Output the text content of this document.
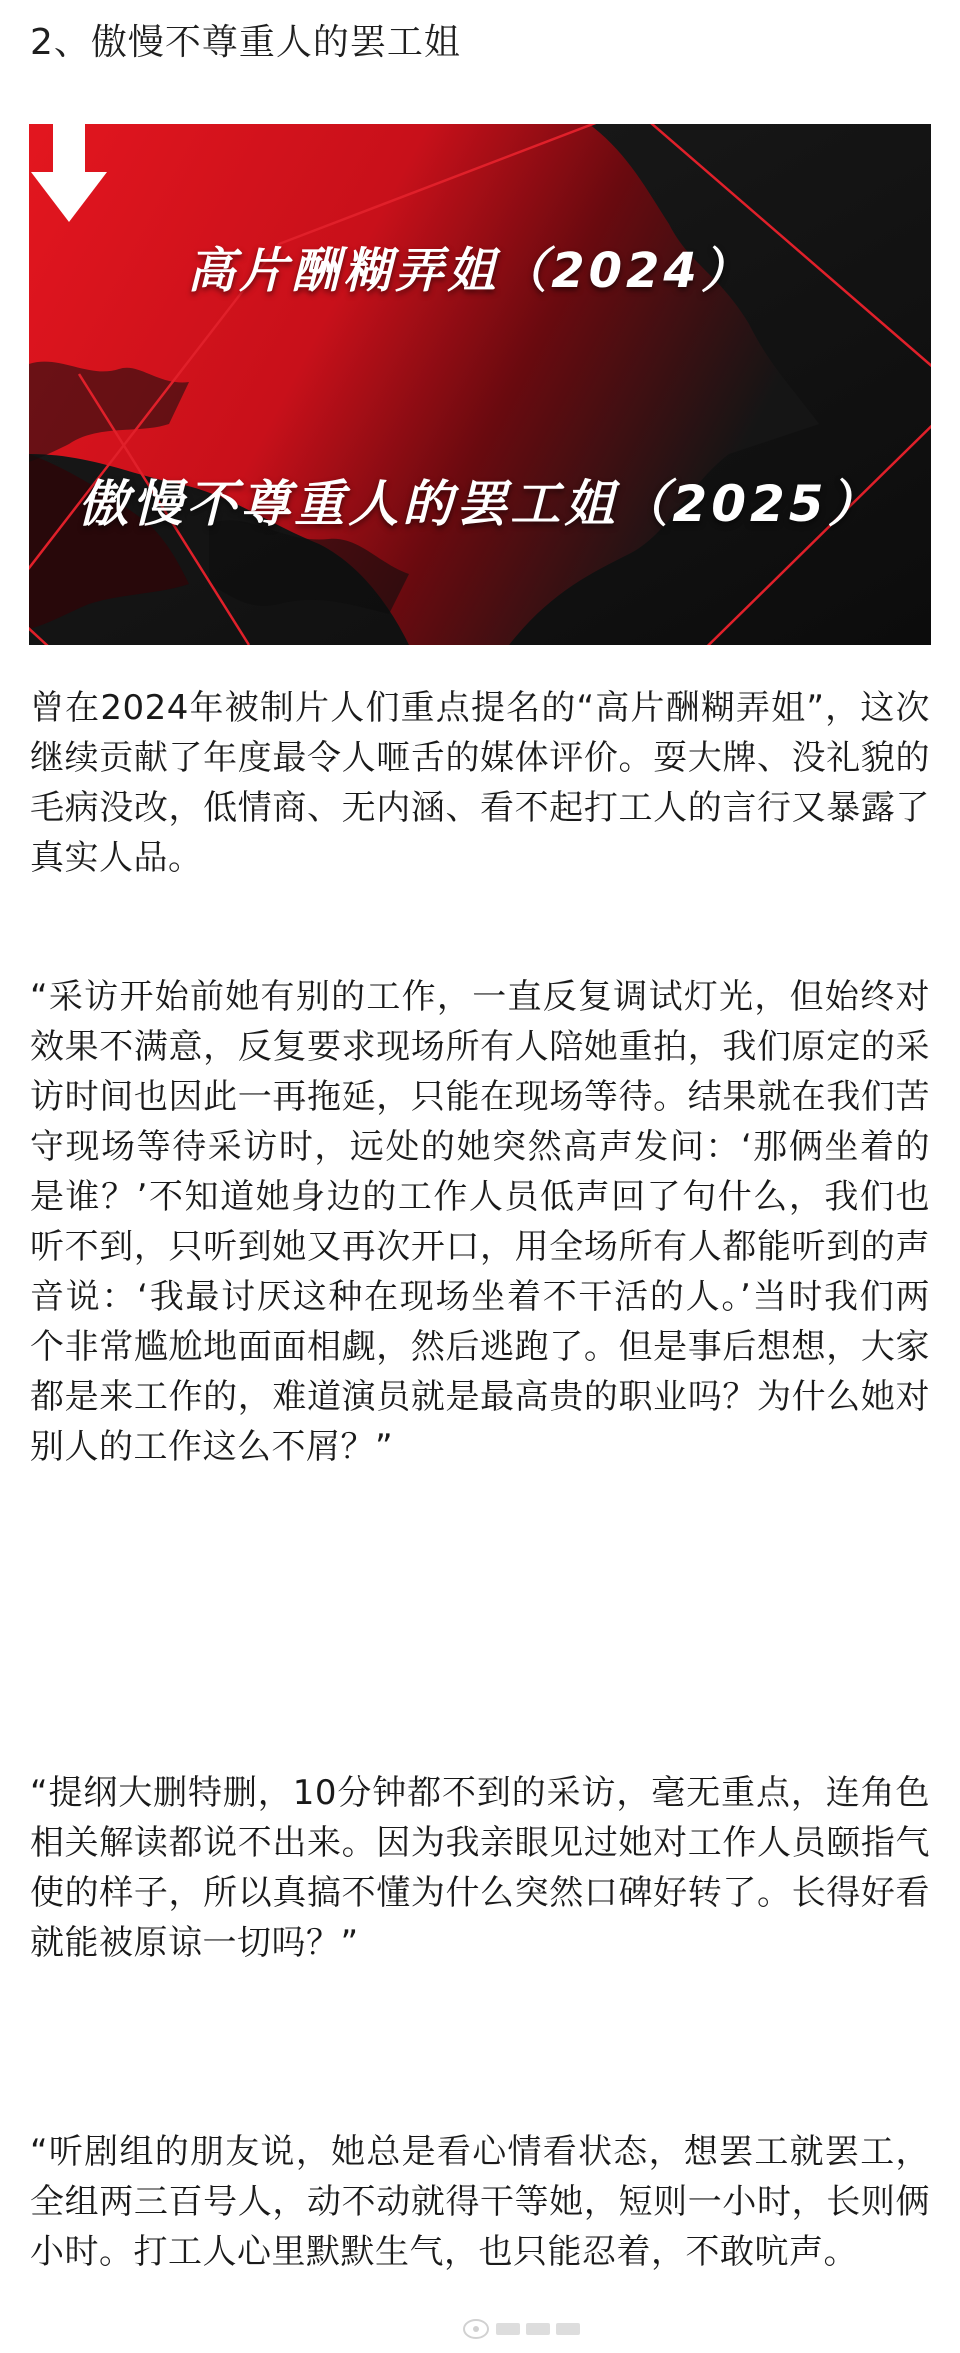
2、傲慢不尊重人的罢工姐
高片酬糊弄姐（2024）
傲慢不尊重人的罢工姐（2025）

曾在2024年被制片人们重点提名的“高片酬糊弄姐”，这次继续贡献了年度最令人咂舌的媒体评价。耍大牌、没礼貌的毛病没改，低情商、无内涵、看不起打工人的言行又暴露了真实人品。

“采访开始前她有别的工作，一直反复调试灯光，但始终对效果不满意，反复要求现场所有人陪她重拍，我们原定的采访时间也因此一再拖延，只能在现场等待。结果就在我们苦守现场等待采访时，远处的她突然高声发问：‘那俩坐着的是谁？’不知道她身边的工作人员低声回了句什么，我们也听不到，只听到她又再次开口，用全场所有人都能听到的声音说：‘我最讨厌这种在现场坐着不干活的人。’当时我们两个非常尴尬地面面相觑，然后逃跑了。但是事后想想，大家都是来工作的，难道演员就是最高贵的职业吗？为什么她对别人的工作这么不屑？”

“提纲大删特删，10分钟都不到的采访，毫无重点，连角色相关解读都说不出来。因为我亲眼见过她对工作人员颐指气使的样子，所以真搞不懂为什么突然口碑好转了。长得好看就能被原谅一切吗？”

“听剧组的朋友说，她总是看心情看状态，想罢工就罢工，全组两三百号人，动不动就得干等她，短则一小时，长则俩小时。打工人心里默默生气，也只能忍着，不敢吭声。
